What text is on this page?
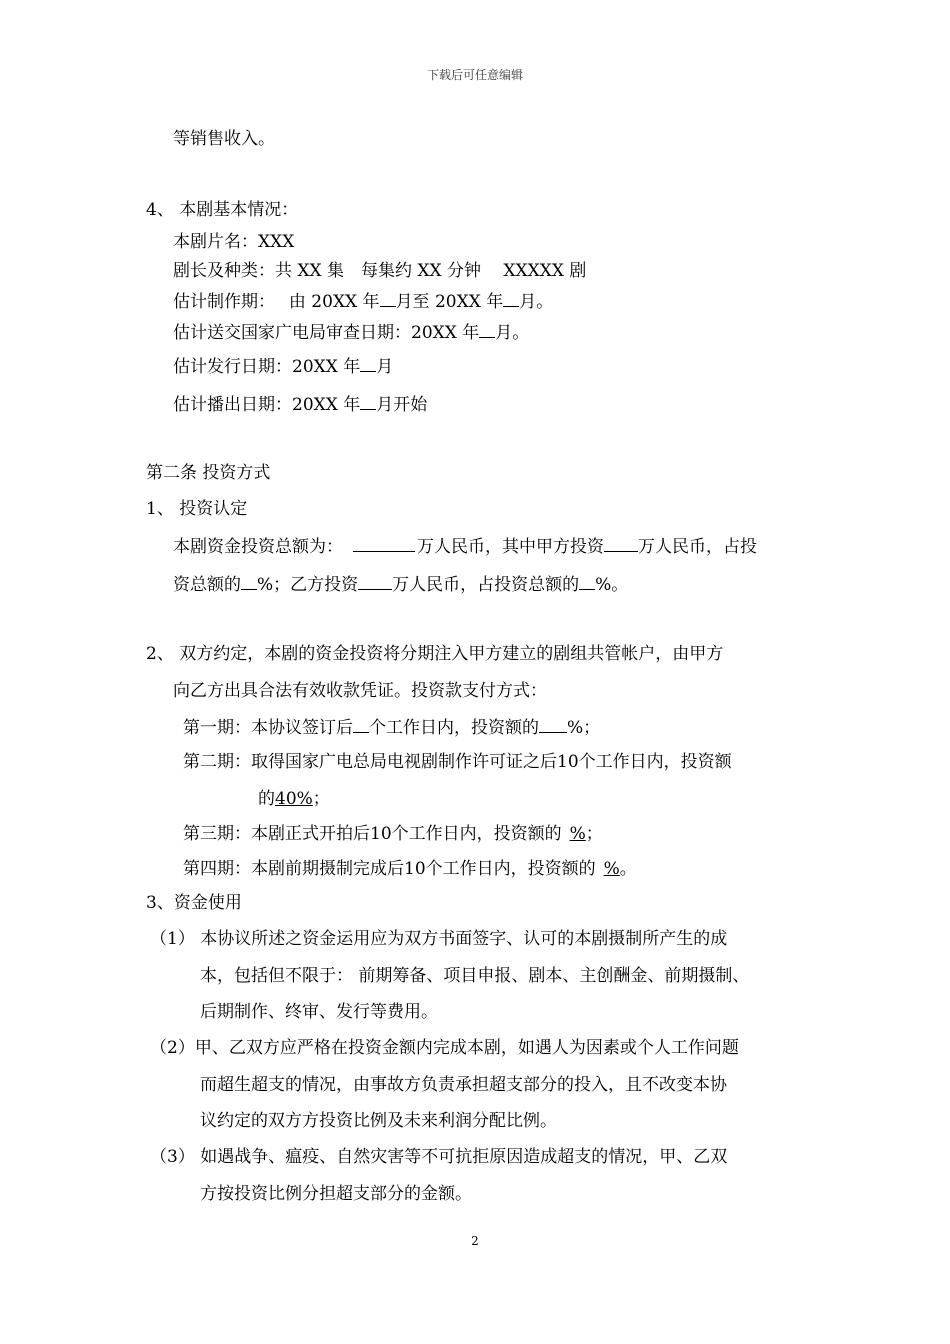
下载后可任意编辑
等销售收入。
4、 本剧基本情况：
本剧片名：XXX
剧长及种类：共 XX 集　每集约 XX 分钟　 XXXXX 剧
估计制作期：　 由 20XX 年 月至 20XX 年 月。
估计送交国家广电局审查日期：20XX 年 月。
估计发行日期：20XX 年 月
估计播出日期：20XX 年 月开始
第二条 投资方式
1、 投资认定
本剧资金投资总额为：	万人民币，其中甲方投资 万人民币，占投
资总额的 %；乙方投资 万人民币，占投资总额的 %。
2、 双方约定，本剧的资金投资将分期注入甲方建立的剧组共管帐户，由甲方
向乙方出具合法有效收款凭证。投资款支付方式：
第一期：本协议签订后 个工作日内，投资额的 %；
第二期：取得国家广电总局电视剧制作许可证之后10个工作日内，投资额
的40%；
第三期：本剧正式开拍后10个工作日内，投资额的 %；
第四期：本剧前期摄制完成后10个工作日内，投资额的 %。
3、资金使用
（1） 本协议所述之资金运用应为双方书面签字、认可的本剧摄制所产生的成
本，包括但不限于： 前期筹备、项目申报、剧本、主创酬金、前期摄制、
后期制作、终审、发行等费用。
（2）甲、乙双方应严格在投资金额内完成本剧，如遇人为因素或个人工作问题
而超生超支的情况，由事故方负责承担超支部分的投入，且不改变本协
议约定的双方方投资比例及未来利润分配比例。
（3） 如遇战争、瘟疫、自然灾害等不可抗拒原因造成超支的情况，甲、乙双
方按投资比例分担超支部分的金额。
2
